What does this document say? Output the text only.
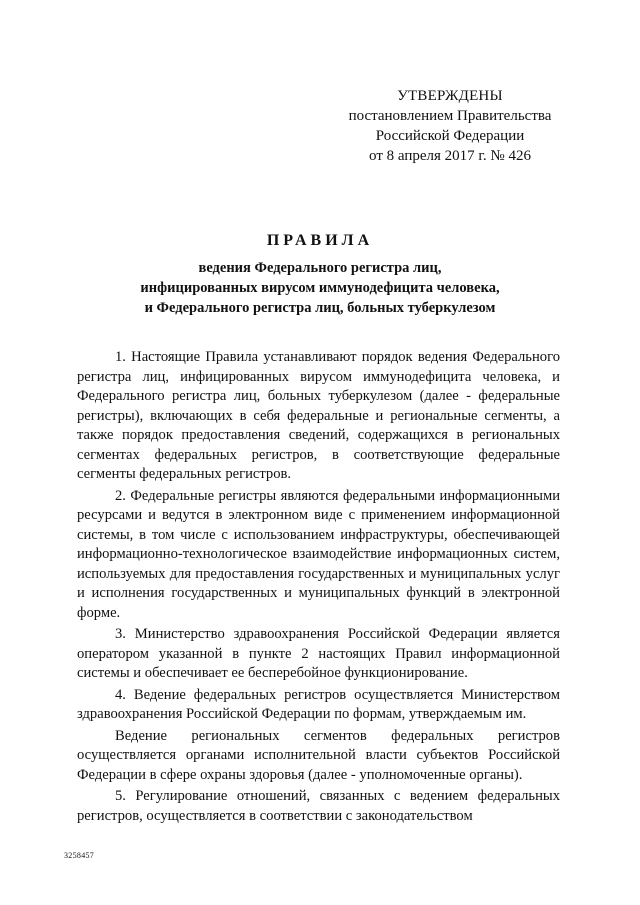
УТВЕРЖДЕНЫ
постановлением Правительства
Российской Федерации
от 8 апреля 2017 г. № 426
ПРАВИЛА
ведения Федерального регистра лиц,
инфицированных вирусом иммунодефицита человека,
и Федерального регистра лиц, больных туберкулезом

1. Настоящие Правила устанавливают порядок ведения Федерального регистра лиц, инфицированных вирусом иммунодефицита человека, и Федерального регистра лиц, больных туберкулезом (далее - федеральные регистры), включающих в себя федеральные и региональные сегменты, а также порядок предоставления сведений, содержащихся в региональных сегментах федеральных регистров, в соответствующие федеральные сегменты федеральных регистров.

2. Федеральные регистры являются федеральными информационными ресурсами и ведутся в электронном виде с применением информационной системы, в том числе с использованием инфраструктуры, обеспечивающей информационно-технологическое взаимодействие информационных систем, используемых для предоставления государственных и муниципальных услуг и исполнения государственных и муниципальных функций в электронной форме.

3. Министерство здравоохранения Российской Федерации является оператором указанной в пункте 2 настоящих Правил информационной системы и обеспечивает ее бесперебойное функционирование.

4. Ведение федеральных регистров осуществляется Министерством здравоохранения Российской Федерации по формам, утверждаемым им.

Ведение региональных сегментов федеральных регистров осуществляется органами исполнительной власти субъектов Российской Федерации в сфере охраны здоровья (далее - уполномоченные органы).

5. Регулирование отношений, связанных с ведением федеральных регистров, осуществляется в соответствии с законодательством

3258457
